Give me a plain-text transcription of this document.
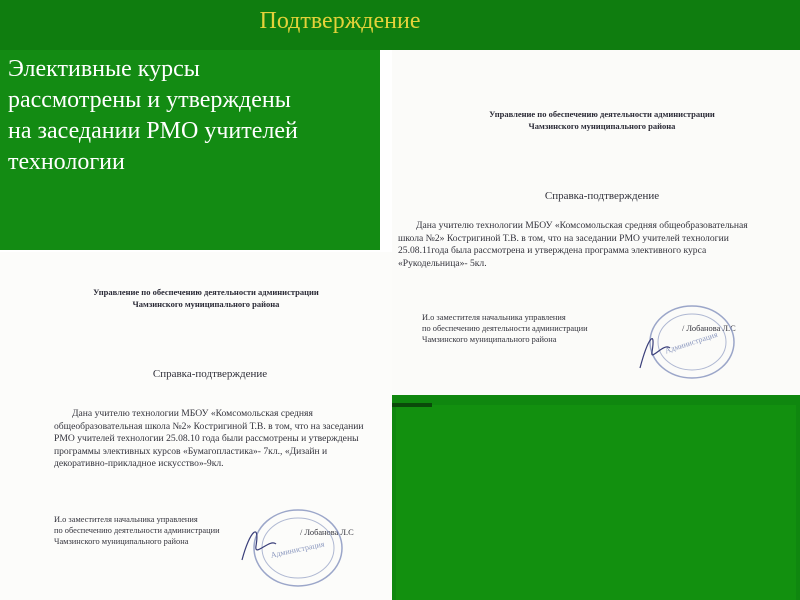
Подтверждение
Элективные курсы
рассмотрены и утверждены
на заседании РМО учителей
технологии
Управление по обеспечению деятельности администрации
Чамзинского муниципального района
Справка-подтверждение
Дана учителю технологии МБОУ «Комсомольская средняя общеобразовательная школа №2» Костригиной Т.В. в том, что на заседании РМО учителей технологии 25.08.11года была рассмотрена и утверждена программа элективного курса «Рукодельница»- 5кл.
И.о заместителя начальника управления
по обеспечению деятельности администрации
Чамзинского муниципального района
/ Лобанова Л.С
Администрация
Управление по обеспечению деятельности администрации
Чамзинского муниципального района
Справка-подтверждение
Дана учителю технологии МБОУ «Комсомольская средняя общеобразовательная школа №2» Костригиной Т.В. в том, что на заседании РМО учителей технологии 25.08.10 года были рассмотрены и утверждены программы элективных курсов «Бумагопластика»- 7кл., «Дизайн и декоративно-прикладное искусство»-9кл.
И.о заместителя начальника управления
по обеспечению деятельности администрации
Чамзинского муниципального района
/ Лобанова Л.С
Администрация
